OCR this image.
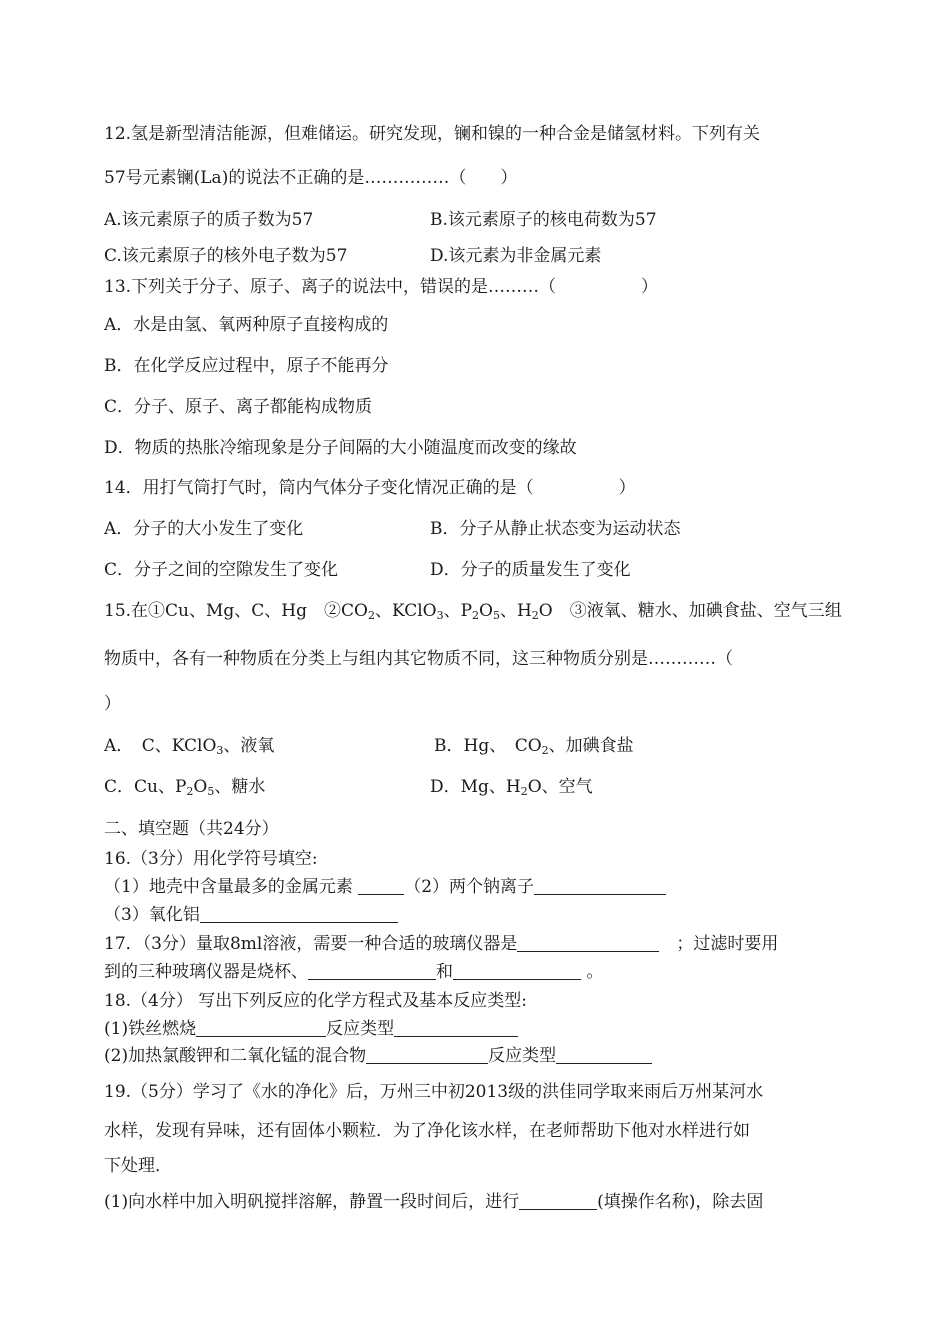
12.氢是新型清洁能源，但难储运。研究发现，镧和镍的一种合金是储氢材料。下列有关
57号元素镧(La)的说法不正确的是……………（　　）
A.该元素原子的质子数为57	B.该元素原子的核电荷数为57
C.该元素原子的核外电子数为57	D.该元素为非金属元素
13.下列关于分子、原子、离子的说法中，错误的是………（　　　　　）
A．水是由氢、氧两种原子直接构成的
B．在化学反应过程中，原子不能再分
C．分子、原子、离子都能构成物质
D．物质的热胀冷缩现象是分子间隔的大小随温度而改变的缘故
14．用打气筒打气时，筒内气体分子变化情况正确的是（　　　　　）
A．分子的大小发生了变化	B．分子从静止状态变为运动状态
C．分子之间的空隙发生了变化	D．分子的质量发生了变化
15.在①Cu、Mg、C、Hg　$②CO_2$、KClO$_3$、$P_2O_5$、$H_2O$　③液氧、糖水、加碘食盐、空气三组
物质中，各有一种物质在分类上与组内其它物质不同，这三种物质分别是…………（
）
A．　C、KClO$_3$、液氧	B．Hg、　$CO_2$、加碘食盐
C．Cu、$P_2O_5$、糖水	D．Mg、$H_2O$、空气
二、填空题（共24分）
16.（3分）用化学符号填空:
（1）地壳中含量最多的金属元素	（2）两个钠离子
（3）氧化铝
17．（3分）量取8ml溶液，需要一种合适的玻璃仪器是　	；过滤时要用
到的三种玻璃仪器是烧杯、	和	。
18.（4分） 写出下列反应的化学方程式及基本反应类型:
(1)铁丝燃烧	反应类型
(2)加热氯酸钾和二氧化锰的混合物	反应类型
19.（5分）学习了《水的净化》后，万州三中初2013级的洪佳同学取来雨后万州某河水
水样，发现有异味，还有固体小颗粒．为了净化该水样，在老师帮助下他对水样进行如
下处理．
(1)向水样中加入明矾搅拌溶解，静置一段时间后，进行	(填操作名称)，除去固
